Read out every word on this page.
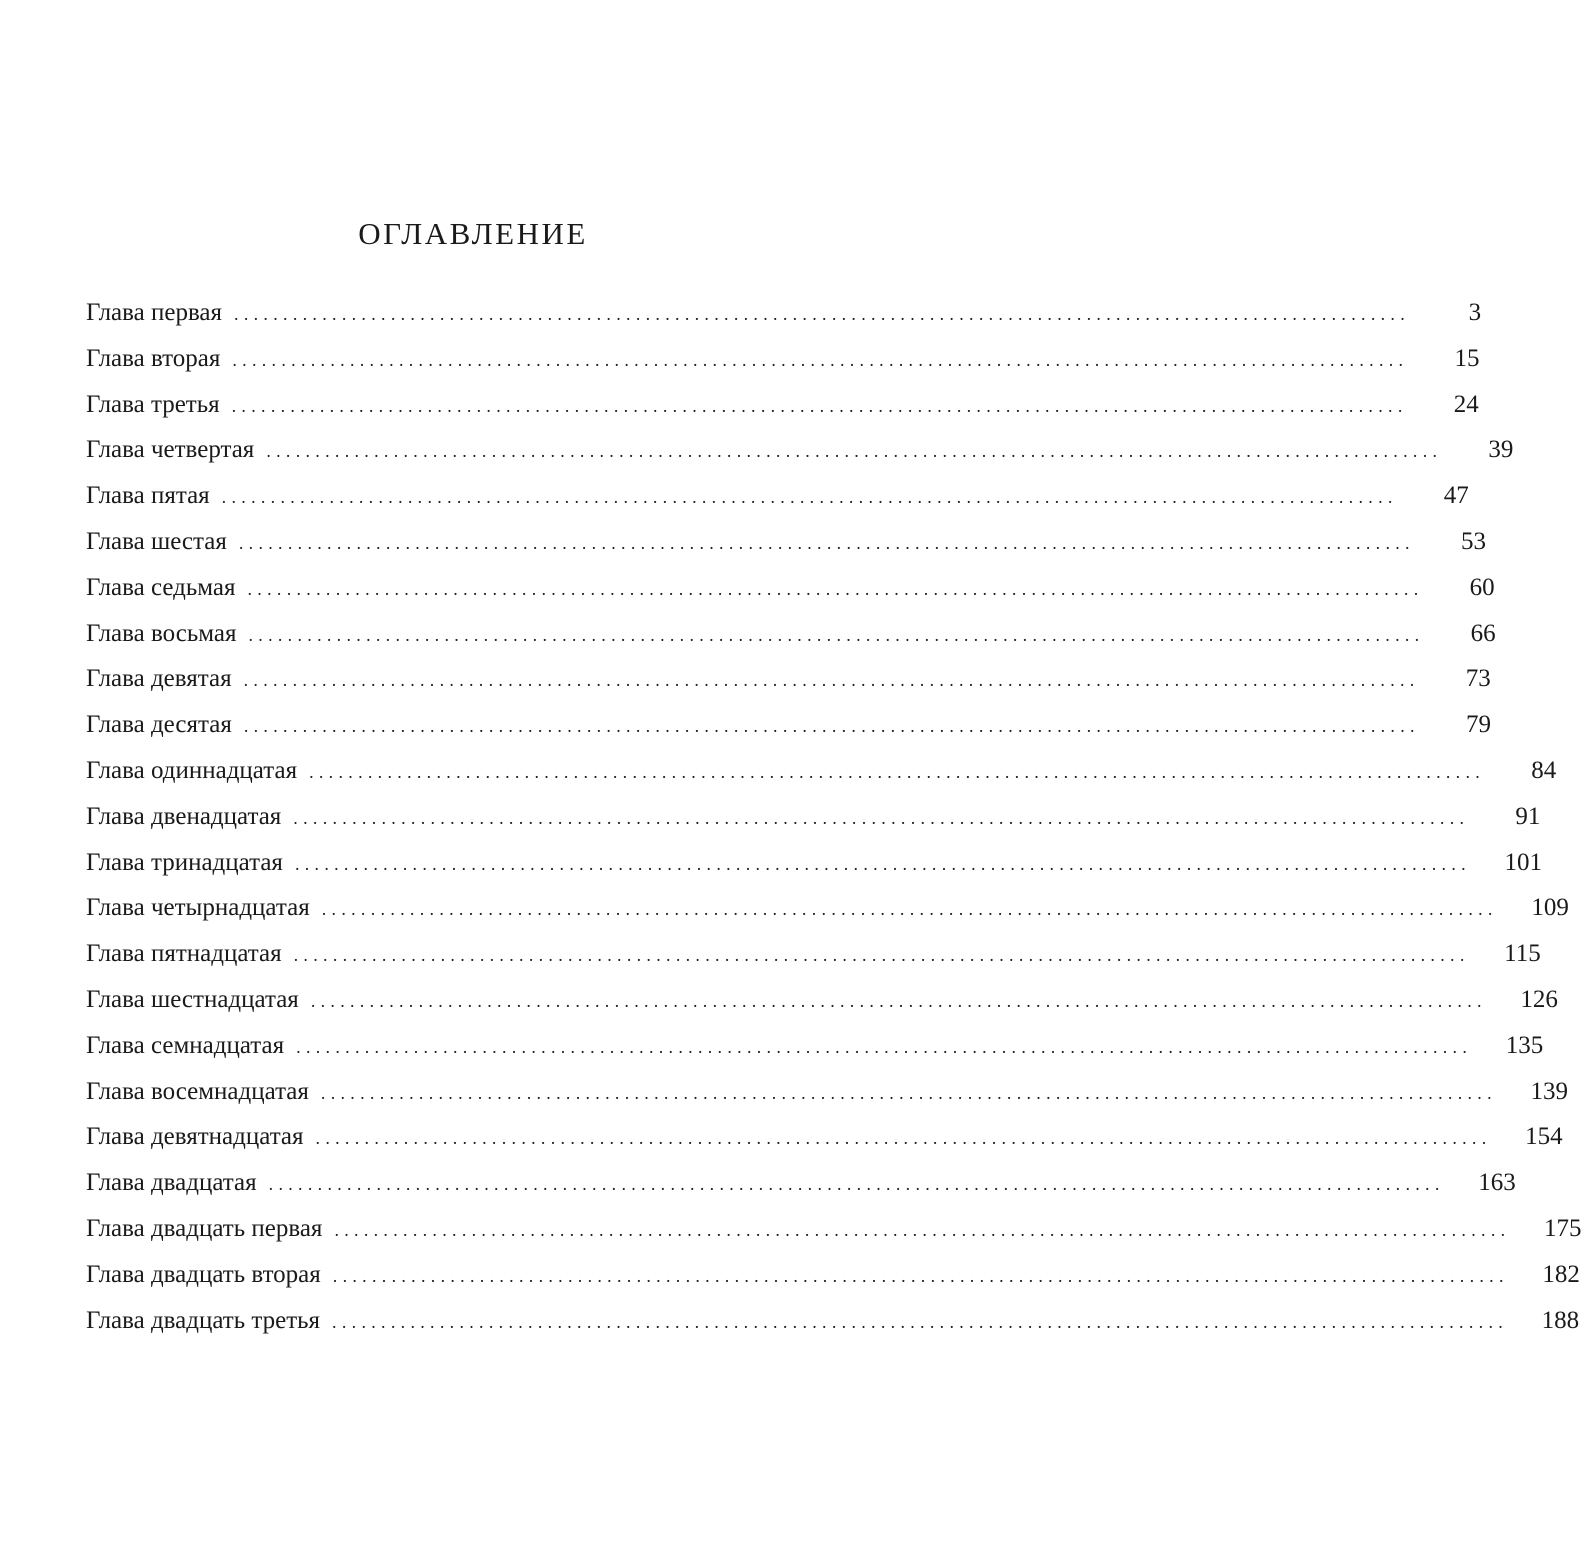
ОГЛАВЛЕНИЕ
Глава первая . . . . . . . . . . . . . . . . . . . . . . . . . . . . . . . . . . . . . . . . . . . . . . . . . . . . . . . . . . . . . . . . . . . . . . . . . . . . . . . . . . . . . . . . . . . . . . . . . . . . . . . . . . . . . . . . . . . . . . . .	3
Глава вторая . . . . . . . . . . . . . . . . . . . . . . . . . . . . . . . . . . . . . . . . . . . . . . . . . . . . . . . . . . . . . . . . . . . . . . . . . . . . . . . . . . . . . . . . . . . . . . . . . . . . . . . . . . . . . . . . . . . . . . . .	15
Глава третья . . . . . . . . . . . . . . . . . . . . . . . . . . . . . . . . . . . . . . . . . . . . . . . . . . . . . . . . . . . . . . . . . . . . . . . . . . . . . . . . . . . . . . . . . . . . . . . . . . . . . . . . . . . . . . . . . . . . . . . .	24
Глава четвертая . . . . . . . . . . . . . . . . . . . . . . . . . . . . . . . . . . . . . . . . . . . . . . . . . . . . . . . . . . . . . . . . . . . . . . . . . . . . . . . . . . . . . . . . . . . . . . . . . . . . . . . . . . . . . . . . . . . . . . . .	39
Глава пятая . . . . . . . . . . . . . . . . . . . . . . . . . . . . . . . . . . . . . . . . . . . . . . . . . . . . . . . . . . . . . . . . . . . . . . . . . . . . . . . . . . . . . . . . . . . . . . . . . . . . . . . . . . . . . . . . . . . . . . . .	47
Глава шестая . . . . . . . . . . . . . . . . . . . . . . . . . . . . . . . . . . . . . . . . . . . . . . . . . . . . . . . . . . . . . . . . . . . . . . . . . . . . . . . . . . . . . . . . . . . . . . . . . . . . . . . . . . . . . . . . . . . . . . . .	53
Глава седьмая . . . . . . . . . . . . . . . . . . . . . . . . . . . . . . . . . . . . . . . . . . . . . . . . . . . . . . . . . . . . . . . . . . . . . . . . . . . . . . . . . . . . . . . . . . . . . . . . . . . . . . . . . . . . . . . . . . . . . . . .	60
Глава восьмая . . . . . . . . . . . . . . . . . . . . . . . . . . . . . . . . . . . . . . . . . . . . . . . . . . . . . . . . . . . . . . . . . . . . . . . . . . . . . . . . . . . . . . . . . . . . . . . . . . . . . . . . . . . . . . . . . . . . . . . .	66
Глава девятая . . . . . . . . . . . . . . . . . . . . . . . . . . . . . . . . . . . . . . . . . . . . . . . . . . . . . . . . . . . . . . . . . . . . . . . . . . . . . . . . . . . . . . . . . . . . . . . . . . . . . . . . . . . . . . . . . . . . . . . .	73
Глава десятая . . . . . . . . . . . . . . . . . . . . . . . . . . . . . . . . . . . . . . . . . . . . . . . . . . . . . . . . . . . . . . . . . . . . . . . . . . . . . . . . . . . . . . . . . . . . . . . . . . . . . . . . . . . . . . . . . . . . . . . .	79
Глава одиннадцатая . . . . . . . . . . . . . . . . . . . . . . . . . . . . . . . . . . . . . . . . . . . . . . . . . . . . . . . . . . . . . . . . . . . . . . . . . . . . . . . . . . . . . . . . . . . . . . . . . . . . . . . . . . . . . . . . . . . . . . . .	84
Глава двенадцатая . . . . . . . . . . . . . . . . . . . . . . . . . . . . . . . . . . . . . . . . . . . . . . . . . . . . . . . . . . . . . . . . . . . . . . . . . . . . . . . . . . . . . . . . . . . . . . . . . . . . . . . . . . . . . . . . . . . . . . . .	91
Глава тринадцатая . . . . . . . . . . . . . . . . . . . . . . . . . . . . . . . . . . . . . . . . . . . . . . . . . . . . . . . . . . . . . . . . . . . . . . . . . . . . . . . . . . . . . . . . . . . . . . . . . . . . . . . . . . . . . . . . . . . . . . . .	101
Глава четырнадцатая . . . . . . . . . . . . . . . . . . . . . . . . . . . . . . . . . . . . . . . . . . . . . . . . . . . . . . . . . . . . . . . . . . . . . . . . . . . . . . . . . . . . . . . . . . . . . . . . . . . . . . . . . . . . . . . . . . . . . . . .	109
Глава пятнадцатая . . . . . . . . . . . . . . . . . . . . . . . . . . . . . . . . . . . . . . . . . . . . . . . . . . . . . . . . . . . . . . . . . . . . . . . . . . . . . . . . . . . . . . . . . . . . . . . . . . . . . . . . . . . . . . . . . . . . . . . .	115
Глава шестнадцатая . . . . . . . . . . . . . . . . . . . . . . . . . . . . . . . . . . . . . . . . . . . . . . . . . . . . . . . . . . . . . . . . . . . . . . . . . . . . . . . . . . . . . . . . . . . . . . . . . . . . . . . . . . . . . . . . . . . . . . . .	126
Глава семнадцатая . . . . . . . . . . . . . . . . . . . . . . . . . . . . . . . . . . . . . . . . . . . . . . . . . . . . . . . . . . . . . . . . . . . . . . . . . . . . . . . . . . . . . . . . . . . . . . . . . . . . . . . . . . . . . . . . . . . . . . . .	135
Глава восемнадцатая . . . . . . . . . . . . . . . . . . . . . . . . . . . . . . . . . . . . . . . . . . . . . . . . . . . . . . . . . . . . . . . . . . . . . . . . . . . . . . . . . . . . . . . . . . . . . . . . . . . . . . . . . . . . . . . . . . . . . . . .	139
Глава девятнадцатая . . . . . . . . . . . . . . . . . . . . . . . . . . . . . . . . . . . . . . . . . . . . . . . . . . . . . . . . . . . . . . . . . . . . . . . . . . . . . . . . . . . . . . . . . . . . . . . . . . . . . . . . . . . . . . . . . . . . . . . .	154
Глава двадцатая . . . . . . . . . . . . . . . . . . . . . . . . . . . . . . . . . . . . . . . . . . . . . . . . . . . . . . . . . . . . . . . . . . . . . . . . . . . . . . . . . . . . . . . . . . . . . . . . . . . . . . . . . . . . . . . . . . . . . . . .	163
Глава двадцать первая . . . . . . . . . . . . . . . . . . . . . . . . . . . . . . . . . . . . . . . . . . . . . . . . . . . . . . . . . . . . . . . . . . . . . . . . . . . . . . . . . . . . . . . . . . . . . . . . . . . . . . . . . . . . . . . . . . . . . . . .	175
Глава двадцать вторая . . . . . . . . . . . . . . . . . . . . . . . . . . . . . . . . . . . . . . . . . . . . . . . . . . . . . . . . . . . . . . . . . . . . . . . . . . . . . . . . . . . . . . . . . . . . . . . . . . . . . . . . . . . . . . . . . . . . . . . .	182
Глава двадцать третья . . . . . . . . . . . . . . . . . . . . . . . . . . . . . . . . . . . . . . . . . . . . . . . . . . . . . . . . . . . . . . . . . . . . . . . . . . . . . . . . . . . . . . . . . . . . . . . . . . . . . . . . . . . . . . . . . . . . . . . .	188
